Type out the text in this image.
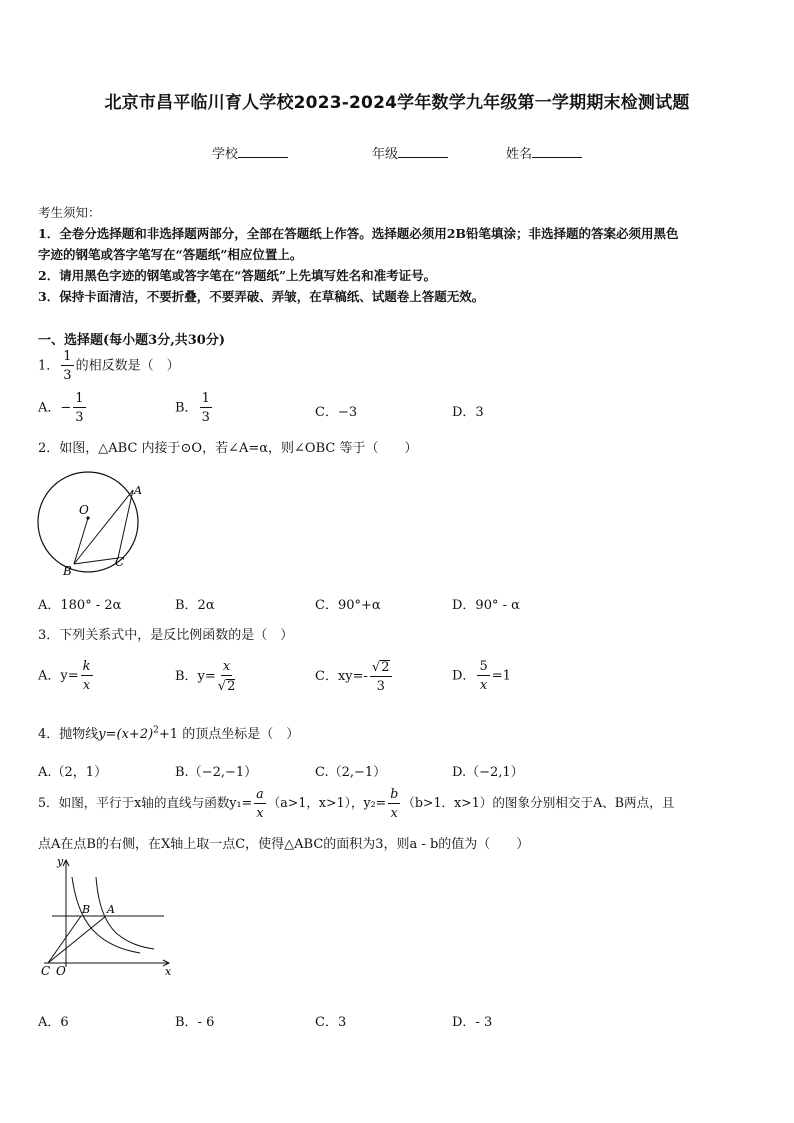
北京市昌平临川育人学校2023-2024学年数学九年级第一学期期末检测试题
学校	年级	姓名
考生须知：
1．全卷分选择题和非选择题两部分，全部在答题纸上作答。选择题必须用2B铅笔填涂；非选择题的答案必须用黑色
字迹的钢笔或答字笔写在“答题纸”相应位置上。
2．请用黑色字迹的钢笔或答字笔在“答题纸”上先填写姓名和准考证号。
3．保持卡面清洁，不要折叠，不要弄破、弄皱，在草稿纸、试题卷上答题无效。
一、选择题(每小题3分,共30分)
1． $\frac{1}{3}$ 的相反数是（　）
A．− $\frac{1}{3}$	B． $\frac{1}{3}$	C．−3	D．3
2．如图，△ABC 内接于⊙O，若∠A=α，则∠OBC 等于（　　）
O
A
B
C
A．180° - 2α	B．2α	C．90°+α	D．90° - α
3．下列关系式中，是反比例函数的是（　）
A．$y= \frac{k}{x}$	B．$y= \frac{x}{√2}$	C．$xy=- \frac{√2}{3}$	D． $\frac{5}{x} =1$
4．抛物线$y=(x+2)^2+1$ 的顶点坐标是（　）
A.（2，1）	B.（−2,−1）	C.（2,−1）	D.（−2,1）
5．如图，平行于x轴的直线与函数$y_1= \frac{a}{x} (a>1$，x>1），$y_2= \frac{b}{x} (b>1$．x>1）的图象分别相交于A、B两点，且
点A在点B的右侧，在X轴上取一点C，使得△ABC的面积为3，则a - b的值为（　　）
y
x
O
C
B A
A．6	B．- 6	C．3	D．- 3
